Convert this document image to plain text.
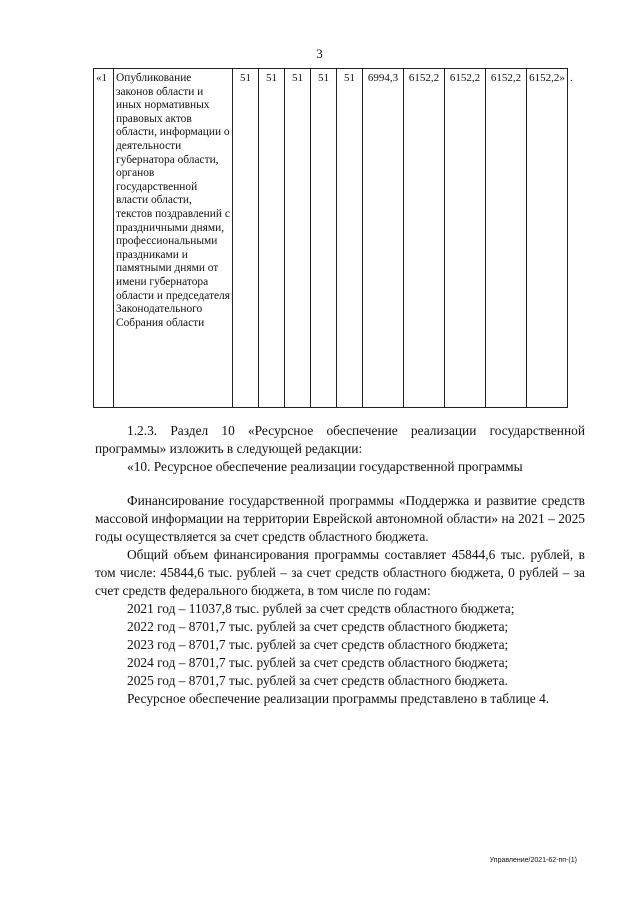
3
«1	Опубликование законов области и иных нормативных правовых актов области, информации о деятельности губернатора области, органов государственной власти области, текстов поздравлений с праздничными днями, профессиональными праздниками и памятными днями от имени губернатора области и председателя Законодательного Собрания области	51	51	51	51	51	6994,3	6152,2	6152,2	6152,2	6152,2»	.

1.2.3. Раздел 10 «Ресурсное обеспечение реализации государственной программы» изложить в следующей редакции:

«10. Ресурсное обеспечение реализации государственной программы

Финансирование государственной программы «Поддержка и развитие средств массовой информации на территории Еврейской автономной области» на 2021 – 2025 годы осуществляется за счет средств областного бюджета.

Общий объем финансирования программы составляет 45844,6 тыс. рублей, в том числе: 45844,6 тыс. рублей – за счет средств областного бюджета, 0 рублей – за счет средств федерального бюджета, в том числе по годам:

2021 год – 11037,8 тыс. рублей за счет средств областного бюджета;

2022 год – 8701,7 тыс. рублей за счет средств областного бюджета;

2023 год – 8701,7 тыс. рублей за счет средств областного бюджета;

2024 год – 8701,7 тыс. рублей за счет средств областного бюджета;

2025 год – 8701,7 тыс. рублей за счет средств областного бюджета.

Ресурсное обеспечение реализации программы представлено в таблице 4.

Управление/2021-62-пп-(1)
